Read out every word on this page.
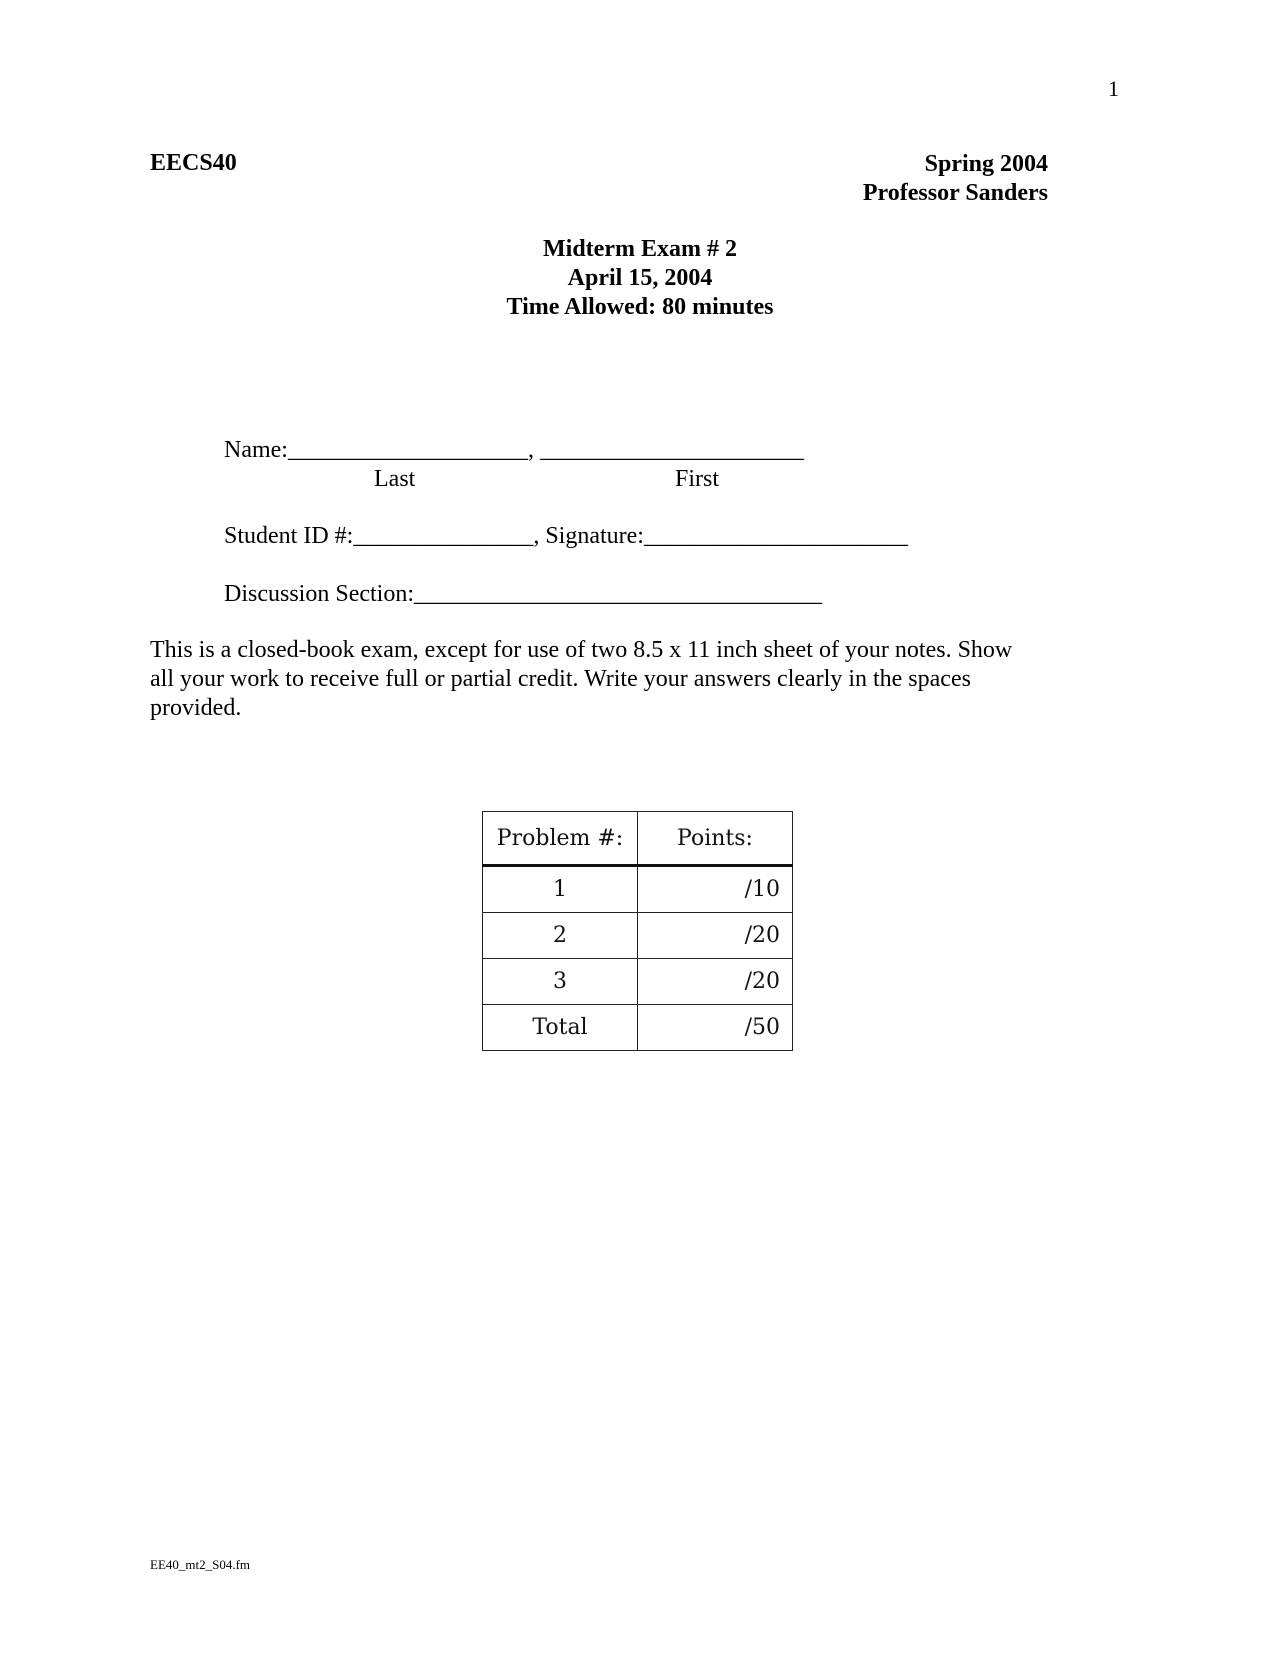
1
EECS40	Spring 2004
Professor Sanders
Midterm Exam # 2
April 15, 2004
Time Allowed: 80 minutes
Name:____________________, ______________________
Last	First
Student ID #:_______________, Signature:______________________
Discussion Section:__________________________________
This is a closed-book exam, except for use of two 8.5 x 11 inch sheet of your notes. Show all your work to receive full or partial credit. Write your answers clearly in the spaces provided.
Problem #:	Points:
1	/10
2	/20
3	/20
Total	/50
EE40_mt2_S04.fm
